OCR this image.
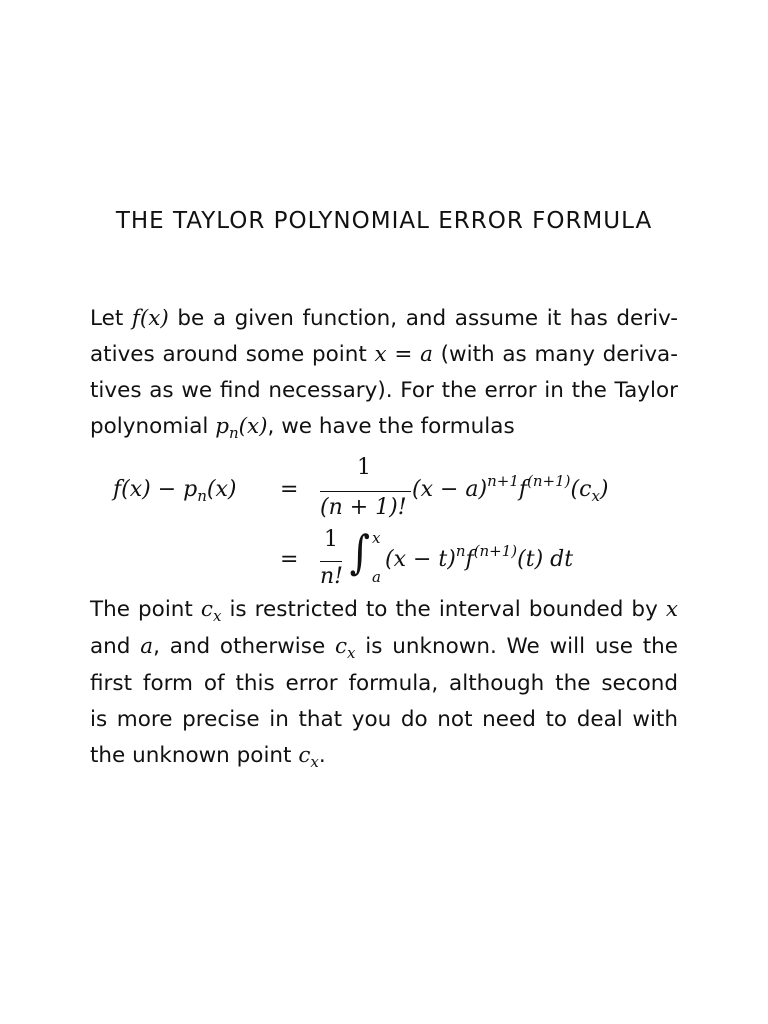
THE TAYLOR POLYNOMIAL ERROR FORMULA
Let f(x) be a given function, and assume it has deriv-
atives around some point x = a (with as many deriva-
tives as we find necessary). For the error in the Taylor
polynomial $p_n(x)$, we have the formulas
$f(x) - p_n(x)$ =
1
(n + 1)!
$(x - a)^{n+1}f^{(n+1)}(c_x)$
=
1
n! ∫ x
a
$(x - t)^nf^{(n+1)}(t)$ dt
The point $c_x$ is restricted to the interval bounded by x
and a, and otherwise $c_x$ is unknown. We will use the
first form of this error formula, although the second
is more precise in that you do not need to deal with
the unknown point $c_x$.
